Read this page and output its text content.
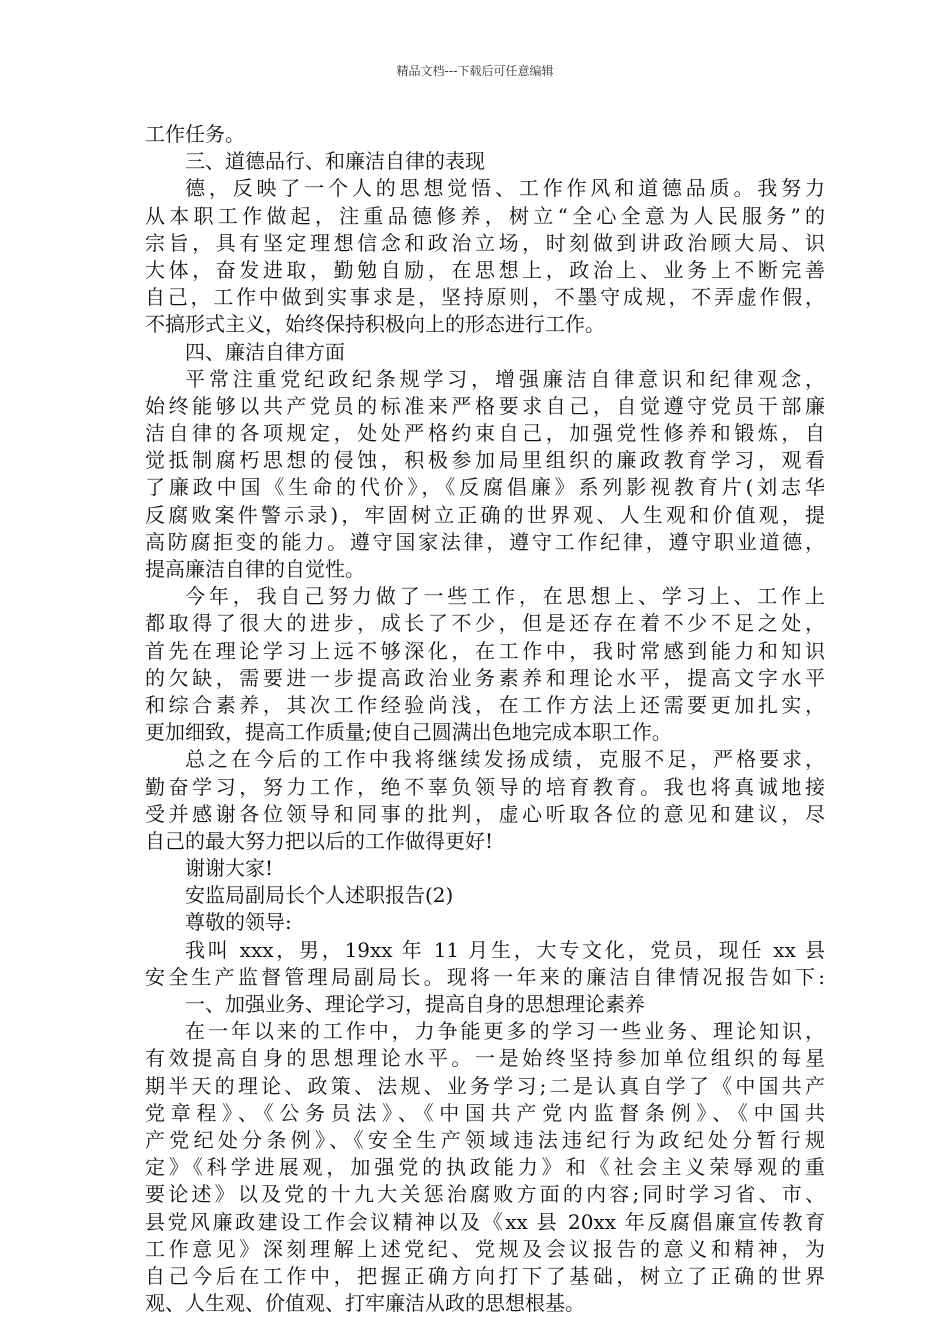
精品文档---下载后可任意编辑
工作任务。
三、道德品行、和廉洁自律的表现
德，反映了一个人的思想觉悟、工作作风和道德品质。我努力
从本职工作做起，注重品德修养，树立“全心全意为人民服务”的
宗旨，具有坚定理想信念和政治立场，时刻做到讲政治顾大局、识
大体，奋发进取，勤勉自励，在思想上，政治上、业务上不断完善
自己，工作中做到实事求是，坚持原则，不墨守成规，不弄虚作假，
不搞形式主义，始终保持积极向上的形态进行工作。
四、廉洁自律方面
平常注重党纪政纪条规学习，增强廉洁自律意识和纪律观念，
始终能够以共产党员的标准来严格要求自己，自觉遵守党员干部廉
洁自律的各项规定，处处严格约束自己，加强党性修养和锻炼，自
觉抵制腐朽思想的侵蚀，积极参加局里组织的廉政教育学习，观看
了廉政中国《生命的代价》，《反腐倡廉》系列影视教育片(刘志华
反腐败案件警示录)，牢固树立正确的世界观、人生观和价值观，提
高防腐拒变的能力。遵守国家法律，遵守工作纪律，遵守职业道德，
提高廉洁自律的自觉性。
今年，我自己努力做了一些工作，在思想上、学习上、工作上
都取得了很大的进步，成长了不少，但是还存在着不少不足之处，
首先在理论学习上远不够深化，在工作中，我时常感到能力和知识
的欠缺，需要进一步提高政治业务素养和理论水平，提高文字水平
和综合素养，其次工作经验尚浅，在工作方法上还需要更加扎实，
更加细致，提高工作质量;使自己圆满出色地完成本职工作。
总之在今后的工作中我将继续发扬成绩，克服不足，严格要求，
勤奋学习，努力工作，绝不辜负领导的培育教育。我也将真诚地接
受并感谢各位领导和同事的批判，虚心听取各位的意见和建议，尽
自己的最大努力把以后的工作做得更好!
谢谢大家!
安监局副局长个人述职报告(2)
尊敬的领导:
我叫 xxx，男，19xx 年 11 月生，大专文化，党员，现任 xx 县
安全生产监督管理局副局长。现将一年来的廉洁自律情况报告如下:
一、加强业务、理论学习，提高自身的思想理论素养
在一年以来的工作中，力争能更多的学习一些业务、理论知识，
有效提高自身的思想理论水平。一是始终坚持参加单位组织的每星
期半天的理论、政策、法规、业务学习;二是认真自学了《中国共产
党章程》、《公务员法》、《中国共产党内监督条例》、《中国共
产党纪处分条例》、《安全生产领域违法违纪行为政纪处分暂行规
定》《科学进展观，加强党的执政能力》和《社会主义荣辱观的重
要论述》以及党的十九大关惩治腐败方面的内容;同时学习省、市、
县党风廉政建设工作会议精神以及《xx 县 20xx 年反腐倡廉宣传教育
工作意见》深刻理解上述党纪、党规及会议报告的意义和精神，为
自己今后在工作中，把握正确方向打下了基础，树立了正确的世界
观、人生观、价值观、打牢廉洁从政的思想根基。
